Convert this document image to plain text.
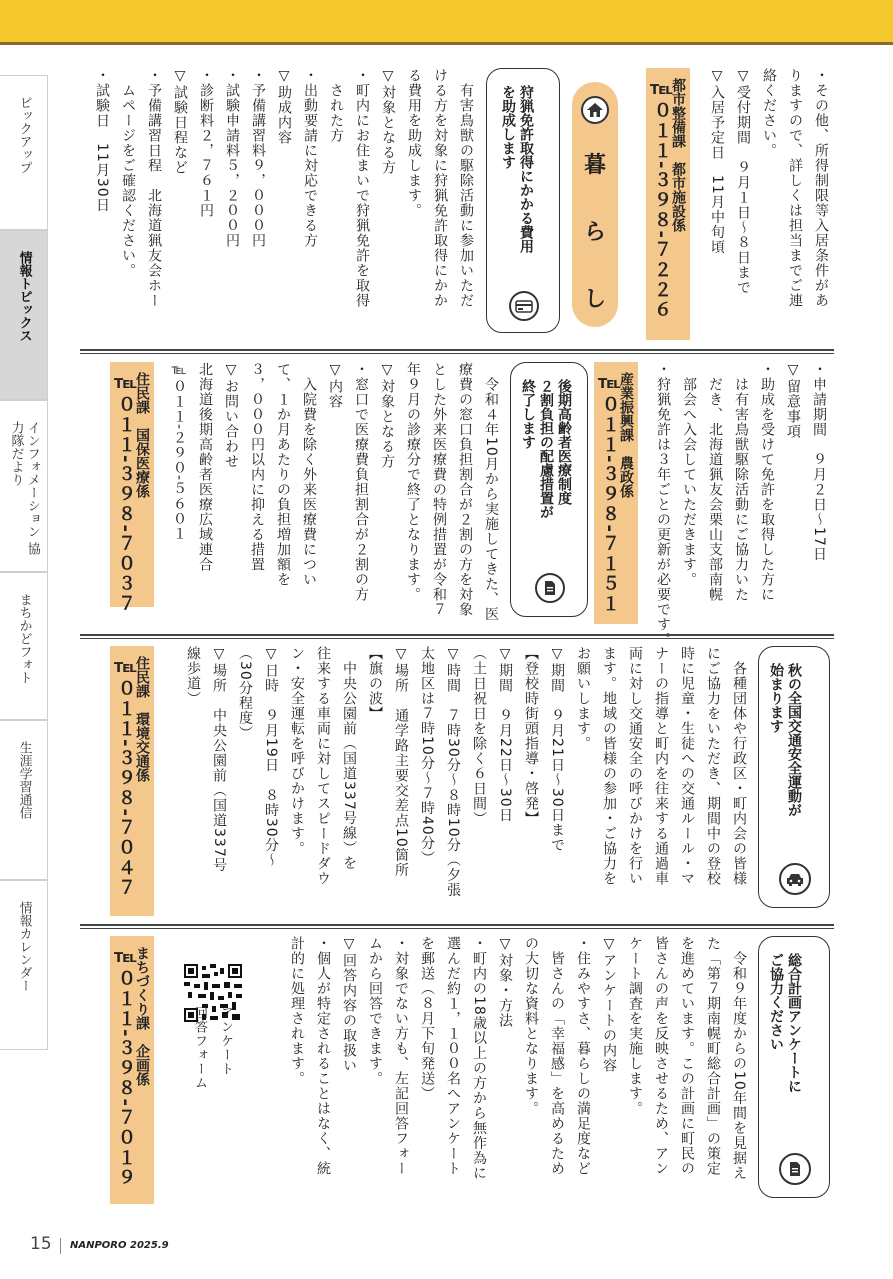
ピックアップ
情報トピックス
インフォメーション 協力隊だより
まちかどフォト
生涯学習通信
情報カレンダー
・その他、所得制限等入居条件があ
りますので、詳しくは担当までご連
絡ください。
▽受付期間　９月１日～８日まで
▽入居予定日　11月中旬頃
都市整備課　都市施設係
℡０１１‐３９８‐７２２６
暮
ら
し
狩猟免許取得にかかる費用
を助成します
　有害鳥獣の駆除活動に参加いただ
ける方を対象に狩猟免許取得にかか
る費用を助成します。
▽対象となる方
・町内にお住まいで狩猟免許を取得
　された方
・出動要請に対応できる方
▽助成内容
・予備講習料９，０００円
・試験申請料５，２００円
・診断料２，７６１円
▽試験日程など
・予備講習日程　北海道猟友会ホー
　ムページをご確認ください。
・試験日　11月30日
・申請期間　９月２日～17日
▽留意事項
・助成を受けて免許を取得した方に
　は有害鳥獣駆除活動にご協力いた
　だき、北海道猟友会栗山支部南幌
　部会へ入会していただきます。
・狩猟免許は３年ごとの更新が必要です。
産業振興課　農政係
℡０１１‐３９８‐７１５１
後期高齢者医療制度
２割負担の配慮措置が
終了します
住民課　国保医療係
℡０１１‐３９８‐７０３７	　令和４年10月から実施してきた、医
療費の窓口負担割合が２割の方を対象
とした外来医療費の特例措置が令和７
年９月の診療分で終了となります。
▽対象となる方
・窓口で医療費負担割合が２割の方
▽内容
　入院費を除く外来医療費につい
て、１か月あたりの負担増加額を
３，０００円以内に抑える措置
▽お問い合わせ
北海道後期高齢者医療広域連合
℡０１１‐２９０‐５６０１
秋の全国交通安全運動が
始まります
住民課　環境交通係
℡０１１‐３９８‐７０４７	　各種団体や行政区・町内会の皆様
にご協力をいただき、期間中の登校
時に児童・生徒への交通ルール・マ
ナーの指導と町内を往来する通過車
両に対し交通安全の呼びかけを行い
ます。地域の皆様の参加・ご協力を
お願いします。
▽期間　９月21日～30日まで
【登校時街頭指導・啓発】
▽期間　９月22日～30日
（土日祝日を除く６日間）
▽時間　７時30分～８時10分（夕張
太地区は７時10分～７時40分）
▽場所　通学路主要交差点10箇所
【旗の波】
　中央公園前（国道337号線）を
往来する車両に対してスピードダウ
ン・安全運転を呼びかけます。
▽日時　９月19日　８時30分～
（30分程度）
▽場所　中央公園前（国道337号
線歩道）
総合計画アンケートに
ご協力ください
まちづくり課　企画係
℡０１１‐３９８‐７０１９	アンケート
回答フォーム	　令和９年度からの10年間を見据え
た「第７期南幌町総合計画」の策定
を進めています。この計画に町民の
皆さんの声を反映させるため、アン
ケート調査を実施します。
▽アンケートの内容
・住みやすさ、暮らしの満足度など
　皆さんの「幸福感」を高めるため
の大切な資料となります。
▽対象・方法
・町内の18歳以上の方から無作為に
選んだ約１，１００名へアンケート
を郵送（８月下旬発送）
・対象でない方も、左記回答フォー
ムから回答できます。
▽回答内容の取扱い
・個人が特定されることはなく、統
計的に処理されます。
15 NANPORO 2025.9
